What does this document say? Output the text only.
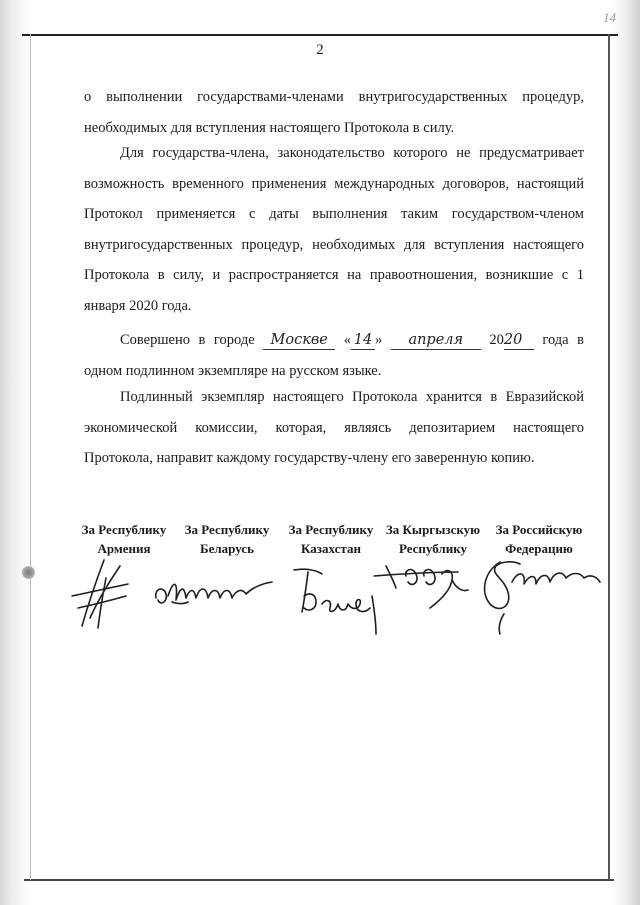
14
2

о выполнении государствами-членами внутригосударственных процедур, необходимых для вступления настоящего Протокола в силу.

Для государства-члена, законодательство которого не предусматривает возможность временного применения международных договоров, настоящий Протокол применяется с даты выполнения таким государством-членом внутригосударственных процедур, необходимых для вступления настоящего Протокола в силу, и распространяется на правоотношения, возникшие с 1 января 2020 года.

Совершено в городе Москве « 14 » апреля 2020 года в одном подлинном экземпляре на русском языке.

Подлинный экземпляр настоящего Протокола хранится в Евразийской экономической комиссии, которая, являясь депозитарием настоящего Протокола, направит каждому государству-члену его заверенную копию.

За Республику
Армения
За Республику
Беларусь
За Республику
Казахстан
За Кыргызскую
Республику
За Российскую
Федерацию
